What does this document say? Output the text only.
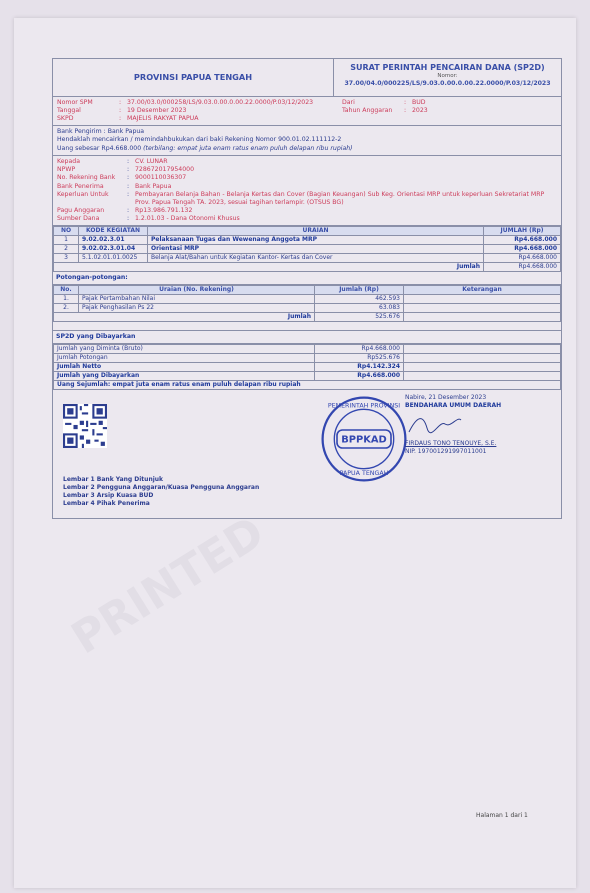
PRINTED
PROVINSI PAPUA TENGAH
SURAT PERINTAH PENCAIRAN DANA (SP2D)
Nomor:
37.00/04.0/000225/LS/9.03.0.00.0.00.22.0000/P.03/12/2023
Nomor SPM	: 37.00/03.0/000258/LS/9.03.0.00.0.00.22.0000/P.03/12/2023
Tanggal	: 19 Desember 2023
SKPD	: MAJELIS RAKYAT PAPUA
Dari	: BUD
Tahun Anggaran	: 2023
Bank Pengirim : Bank Papua
Hendaklah mencairkan / memindahbukukan dari baki Rekening Nomor 900.01.02.111112-2
Uang sebesar Rp4.668.000
(terbilang: empat juta enam ratus enam puluh delapan ribu rupiah)
Kepada	: CV. LUNAR
NPWP	: 728672017954000
No. Rekening Bank	: 9000110036307
Bank Penerima	: Bank Papua
Keperluan Untuk	: Pembayaran Belanja Bahan - Belanja Kertas dan Cover (Bagian Keuangan) Sub Keg. Orientasi MRP untuk keperluan Sekretariat MRP Prov. Papua Tengah TA. 2023, sesuai tagihan terlampir. (OTSUS BG)
Pagu Anggaran	: Rp13.986.791.132
Sumber Dana	: 1.2.01.03 - Dana Otonomi Khusus
NO	KODE KEGIATAN	URAIAN	JUMLAH (Rp)
1	9.02.02.3.01	Pelaksanaan Tugas dan Wewenang Anggota MRP	Rp4.668.000
2	9.02.02.3.01.04	Orientasi MRP	Rp4.668.000
3	5.1.02.01.01.0025	Belanja Alat/Bahan untuk Kegiatan Kantor- Kertas dan Cover	Rp4.668.000
Jumlah			Rp4.668.000
Potongan-potongan:
No.	Uraian (No. Rekening)	Jumlah (Rp)	Keterangan
1.	Pajak Pertambahan Nilai	462.593	
2.	Pajak Penghasilan Ps 22	63.083	
Jumlah		525.676	
SP2D yang Dibayarkan
Jumlah yang Diminta (Bruto)	Rp4.668.000	
Jumlah Potongan	Rp525.676	
Jumlah Netto	Rp4.142.324	
Jumlah yang Dibayarkan	Rp4.668.000	
Uang Sejumlah: empat juta enam ratus enam puluh delapan ribu rupiah		
BPPKAD
PEMERINTAH PROVINSI
PAPUA TENGAH
Nabire, 21 Desember 2023
BENDAHARA UMUM DAERAH
FIRDAUS TONO TENOUYE, S.E.
NIP. 197001291997011001
Lembar 1 Bank Yang Ditunjuk
Lembar 2 Pengguna Anggaran/Kuasa Pengguna Anggaran
Lembar 3 Arsip Kuasa BUD
Lembar 4 Pihak Penerima
Halaman 1 dari 1
